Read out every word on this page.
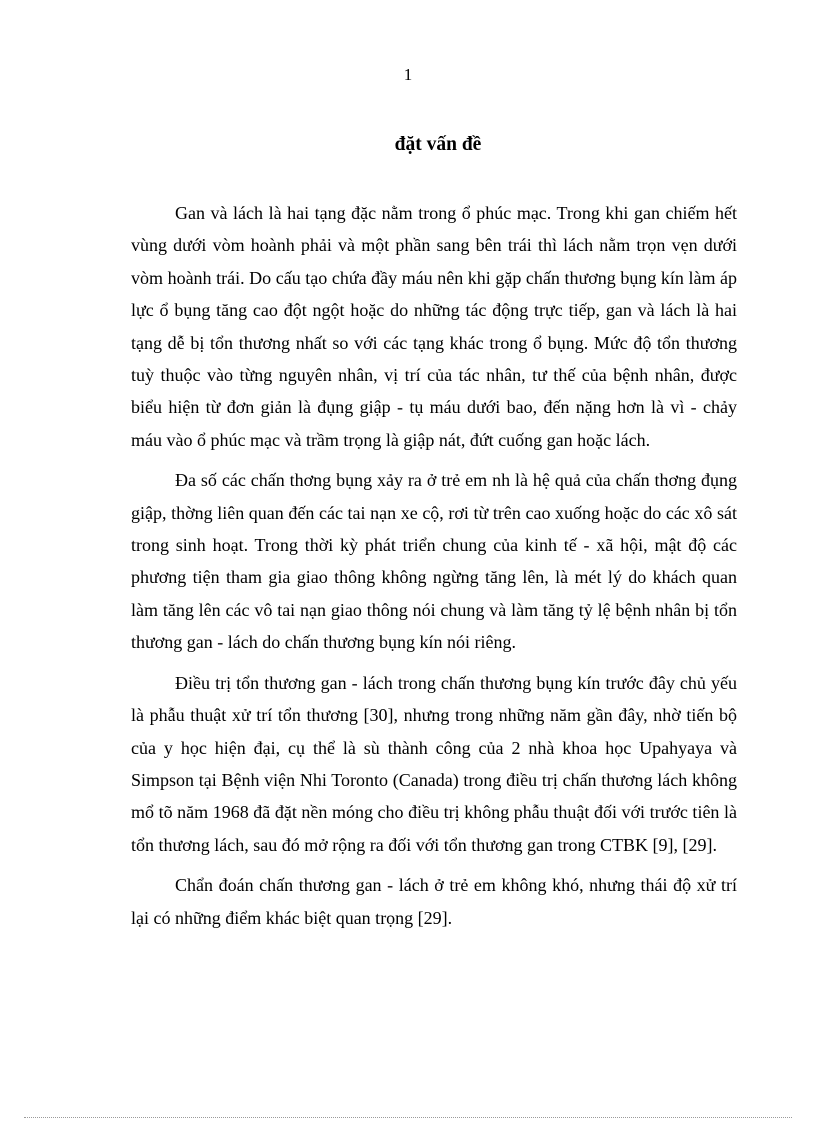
1
đặt vấn đề

Gan và lách là hai tạng đặc nằm trong ổ phúc mạc. Trong khi gan chiếm hết vùng dưới vòm hoành phải và một phần sang bên trái thì lách nằm trọn vẹn dưới vòm hoành trái. Do cấu tạo chứa đầy máu nên khi gặp chấn thương bụng kín làm áp lực ổ bụng tăng cao đột ngột hoặc do những tác động trực tiếp, gan và lách là hai tạng dễ bị tổn thương nhất so với các tạng khác trong ổ bụng. Mức độ tổn thương tuỳ thuộc vào từng nguyên nhân, vị trí của tác nhân, tư thế của bệnh nhân, được biểu hiện từ đơn giản là đụng giập - tụ máu dưới bao, đến nặng hơn là vì - chảy máu vào ổ phúc mạc và trầm trọng là giập nát, đứt cuống gan hoặc lách.

Đa số các chấn thơng bụng xảy ra ở trẻ em nh là hệ quả của chấn thơng đụng giập, thờng liên quan đến các tai nạn xe cộ, rơi từ trên cao xuống hoặc do các xô sát trong sinh hoạt. Trong thời kỳ phát triển chung của kinh tế - xã hội, mật độ các phương tiện tham gia giao thông không ngừng tăng lên, là mét lý do khách quan làm tăng lên các vô tai nạn giao thông nói chung và làm tăng tỷ lệ bệnh nhân bị tổn thương gan - lách do chấn thương bụng kín nói riêng.

Điều trị tổn thương gan - lách trong chấn thương bụng kín trước đây chủ yếu là phẫu thuật xử trí tổn thương [30], nhưng trong những năm gần đây, nhờ tiến bộ của y học hiện đại, cụ thể là sù thành công của 2 nhà khoa học Upahyaya và Simpson tại Bệnh viện Nhi Toronto (Canada) trong điều trị chấn thương lách không mổ tõ năm 1968 đã đặt nền móng cho điều trị không phẫu thuật đối với trước tiên là tổn thương lách, sau đó mở rộng ra đối với tổn thương gan trong CTBK [9], [29].

Chẩn đoán chấn thương gan - lách ở trẻ em không khó, nhưng thái độ xử trí lại có những điểm khác biệt quan trọng [29].
